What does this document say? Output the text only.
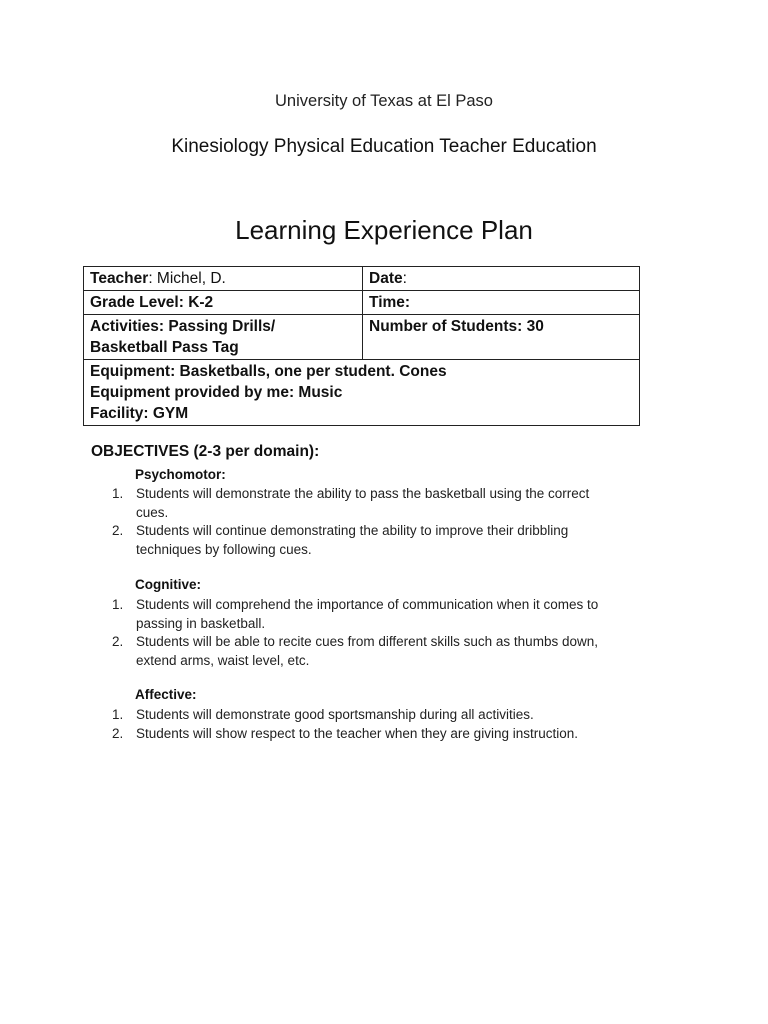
University of Texas at El Paso
Kinesiology Physical Education Teacher Education
Learning Experience Plan
Teacher: Michel, D.	Date:
Grade Level: K-2	Time:

Activities: Passing Drills/
Basketball Pass Tag	Number of Students: 30

Equipment: Basketballs, one per student. Cones
Equipment provided by me: Music
Facility: GYM	
OBJECTIVES (2-3 per domain):
Psychomotor:
1. Students will demonstrate the ability to pass the basketball using the correct
cues.
2. Students will continue demonstrating the ability to improve their dribbling
techniques by following cues.
Cognitive:
1. Students will comprehend the importance of communication when it comes to
passing in basketball.
2. Students will be able to recite cues from different skills such as thumbs down,
extend arms, waist level, etc.
Affective:
1. Students will demonstrate good sportsmanship during all activities.
2. Students will show respect to the teacher when they are giving instruction.
